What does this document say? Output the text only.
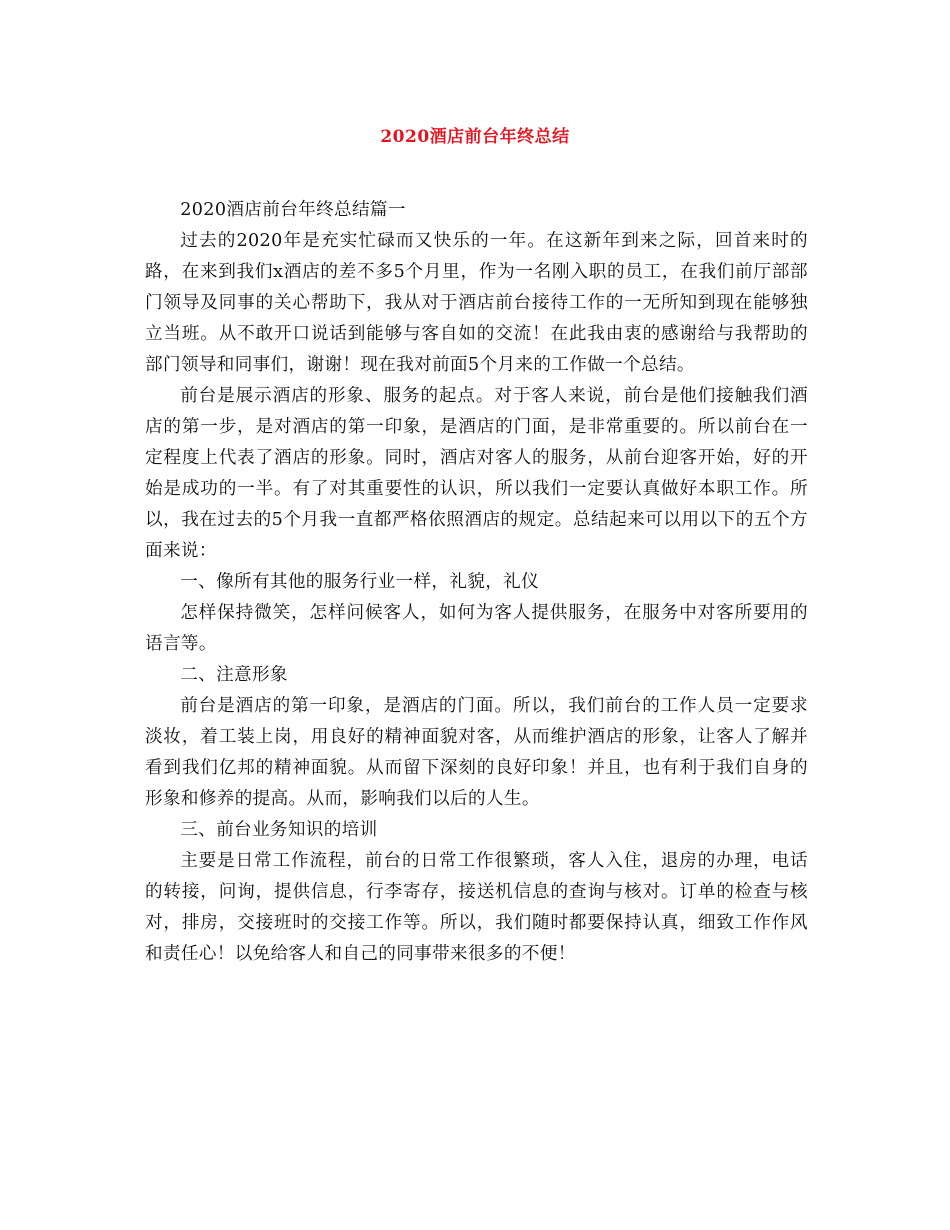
2020酒店前台年终总结

2020酒店前台年终总结篇一

过去的2020年是充实忙碌而又快乐的一年。在这新年到来之际，回首来时的路，在来到我们x酒店的差不多5个月里，作为一名刚入职的员工，在我们前厅部部门领导及同事的关心帮助下，我从对于酒店前台接待工作的一无所知到现在能够独立当班。从不敢开口说话到能够与客自如的交流！在此我由衷的感谢给与我帮助的部门领导和同事们，谢谢！现在我对前面5个月来的工作做一个总结。

前台是展示酒店的形象、服务的起点。对于客人来说，前台是他们接触我们酒店的第一步，是对酒店的第一印象，是酒店的门面，是非常重要的。所以前台在一定程度上代表了酒店的形象。同时，酒店对客人的服务，从前台迎客开始，好的开始是成功的一半。有了对其重要性的认识，所以我们一定要认真做好本职工作。所以，我在过去的5个月我一直都严格依照酒店的规定。总结起来可以用以下的五个方面来说：

一、像所有其他的服务行业一样，礼貌，礼仪

怎样保持微笑，怎样问候客人，如何为客人提供服务，在服务中对客所要用的语言等。

二、注意形象

前台是酒店的第一印象，是酒店的门面。所以，我们前台的工作人员一定要求淡妆，着工装上岗，用良好的精神面貌对客，从而维护酒店的形象，让客人了解并看到我们亿邦的精神面貌。从而留下深刻的良好印象！并且，也有利于我们自身的形象和修养的提高。从而，影响我们以后的人生。

三、前台业务知识的培训

主要是日常工作流程，前台的日常工作很繁琐，客人入住，退房的办理，电话的转接，问询，提供信息，行李寄存，接送机信息的查询与核对。订单的检查与核对，排房，交接班时的交接工作等。所以，我们随时都要保持认真，细致工作作风和责任心！以免给客人和自己的同事带来很多的不便！
